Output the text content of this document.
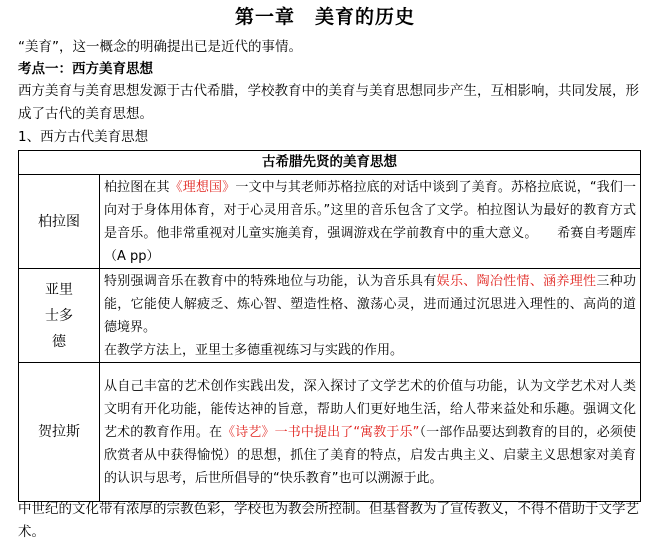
第一章　美育的历史
“美育”，这一概念的明确提出已是近代的事情。
考点一：西方美育思想
西方美育与美育思想发源于古代希腊，学校教育中的美育与美育思想同步产生，互相影响，共同发展，形成了古代的美育思想。
1、西方古代美育思想
古希腊先贤的美育思想	
柏拉图	柏拉图在其《理想国》一文中与其老师苏格拉底的对话中谈到了美育。苏格拉底说，“我们一向对于身体用体育，对于心灵用音乐。”这里的音乐包含了文学。柏拉图认为最好的教育方式是音乐。他非常重视对儿童实施美育，强调游戏在学前教育中的重大意义。　　希赛自考题库（A pp）
亚里士多德	特别强调音乐在教育中的特殊地位与功能，认为音乐具有娱乐、陶冶性情、涵养理性三种功能，它能使人解疲乏、炼心智、塑造性格、激荡心灵，进而通过沉思进入理性的、高尚的道德境界。
在教学方法上，亚里士多德重视练习与实践的作用。
贺拉斯	从自己丰富的艺术创作实践出发，深入探讨了文学艺术的价值与功能，认为文学艺术对人类文明有开化功能，能传达神的旨意，帮助人们更好地生活，给人带来益处和乐趣。强调文化艺术的教育作用。在《诗艺》一书中提出了“寓教于乐”（一部作品要达到教育的目的，必须使欣赏者从中获得愉悦）的思想，抓住了美育的特点，启发古典主义、启蒙主义思想家对美育的认识与思考，后世所倡导的“快乐教育”也可以溯源于此。
中世纪的文化带有浓厚的宗教色彩，学校也为教会所控制。但基督教为了宣传教义，不得不借助于文学艺术。
